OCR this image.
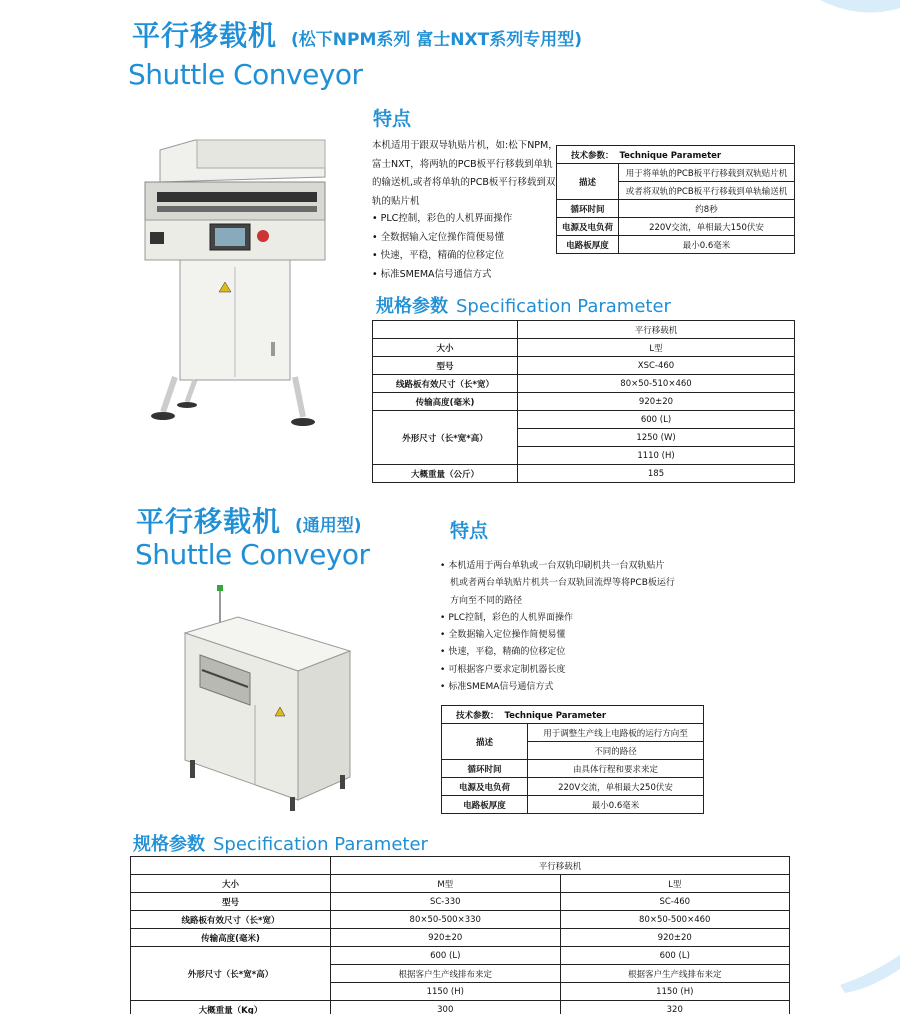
平行移载机 (松下NPM系列 富士NXT系列专用型)
Shuttle Conveyor
特点
本机适用于跟双导轨贴片机，如:松下NPM，
富士NXT，将两轨的PCB板平行移载到单轨
的输送机,或者将单轨的PCB板平行移载到双
轨的贴片机
• PLC控制，彩色的人机界面操作
• 全数据输入定位操作简便易懂
• 快速，平稳，精确的位移定位
• 标准SMEMA信号通信方式
技术参数： Technique Parameter	
描述	用于将单轨的PCB板平行移载到双轨贴片机
	或者将双轨的PCB板平行移载到单轨输送机
循环时间	约8秒
电源及电负荷	220V交流，单相最大150伏安
电路板厚度	最小0.6毫米
规格参数 Specification Parameter
	平行移载机
大小	L型
型号	XSC-460
线路板有效尺寸（长*宽）	80×50-510×460
传输高度(毫米)	920±20
外形尺寸（长*宽*高）	600 (L)
	1250 (W)
	1110 (H)
大概重量（公斤）	185
平行移载机 (通用型)
Shuttle Conveyor
特点
• 本机适用于两台单轨或一台双轨印刷机共一台双轨贴片
机或者两台单轨贴片机共一台双轨回流焊等将PCB板运行
方向至不同的路径
• PLC控制，彩色的人机界面操作
• 全数据输入定位操作简便易懂
• 快速，平稳，精确的位移定位
• 可根据客户要求定制机器长度
• 标准SMEMA信号通信方式
技术参数： Technique Parameter	
描述	用于调整生产线上电路板的运行方向至
	不同的路径
循环时间	由具体行程和要求来定
电源及电负荷	220V交流，单相最大250伏安
电路板厚度	最小0.6毫米
规格参数 Specification Parameter
	平行移载机	
大小	M型	L型
型号	SC-330	SC-460
线路板有效尺寸（长*宽）	80×50-500×330	80×50-500×460
传输高度(毫米)	920±20	920±20
外形尺寸（长*宽*高）	600 (L)	600 (L)
	根据客户生产线排布来定	根据客户生产线排布来定
	1150 (H)	1150 (H)
大概重量（Kg）	300	320
